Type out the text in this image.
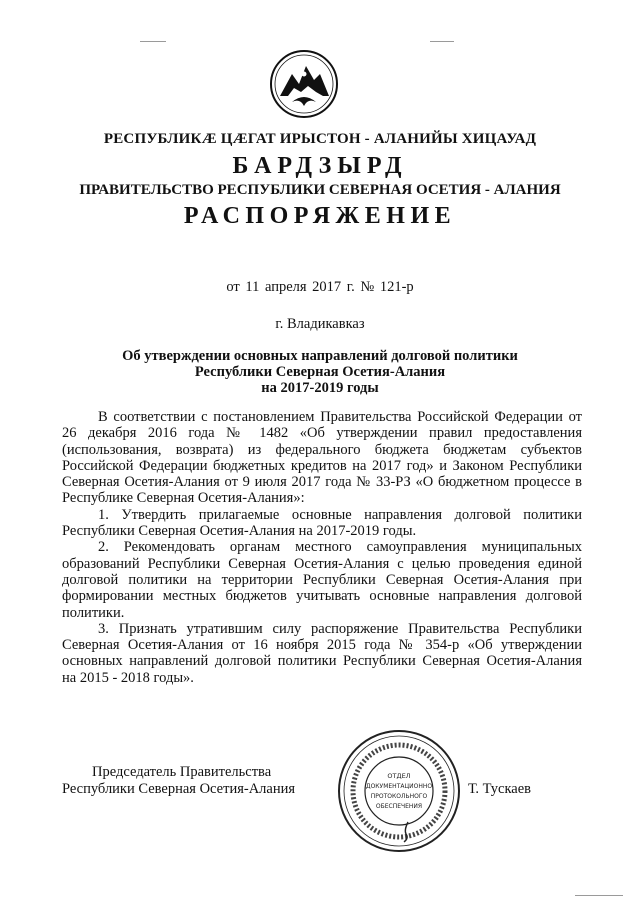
РЕСПУБЛИКӔ ЦӔГАТ ИРЫСТОН - АЛАНИЙЫ ХИЦАУАД
БАРДЗЫРД
ПРАВИТЕЛЬСТВО РЕСПУБЛИКИ СЕВЕРНАЯ ОСЕТИЯ - АЛАНИЯ
РАСПОРЯЖЕНИЕ
от 11 апреля 2017 г. № 121-р
г. Владикавказ
Об утверждении основных направлений долговой политики
Республики Северная Осетия-Алания
на 2017-2019 годы

В соответствии с постановлением Правительства Российской Федерации от 26 декабря 2016 года № 1482 «Об утверждении правил предоставления (использования, возврата) из федерального бюджета бюджетам субъектов Российской Федерации бюджетных кредитов на 2017 год» и Законом Республики Северная Осетия-Алания от 9 июля 2017 года № 33-РЗ «О бюджетном процессе в Республике Северная Осетия-Алания»:

1. Утвердить прилагаемые основные направления долговой политики Республики Северная Осетия-Алания на 2017-2019 годы.

2. Рекомендовать органам местного самоуправления муниципальных образований Республики Северная Осетия-Алания с целью проведения единой долговой политики на территории Республики Северная Осетия-Алания при формировании местных бюджетов учитывать основные направления долговой политики.

3. Признать утратившим силу распоряжение Правительства Республики Северная Осетия-Алания от 16 ноября 2015 года № 354-р «Об утверждении основных направлений долговой политики Республики Северная Осетия-Алания на 2015 - 2018 годы».

Председатель Правительства
Республики Северная Осетия-Алания	Т. Тускаев
ОТДЕЛ
ДОКУМЕНТАЦИОННО
ПРОТОКОЛЬНОГО
ОБЕСПЕЧЕНИЯ
